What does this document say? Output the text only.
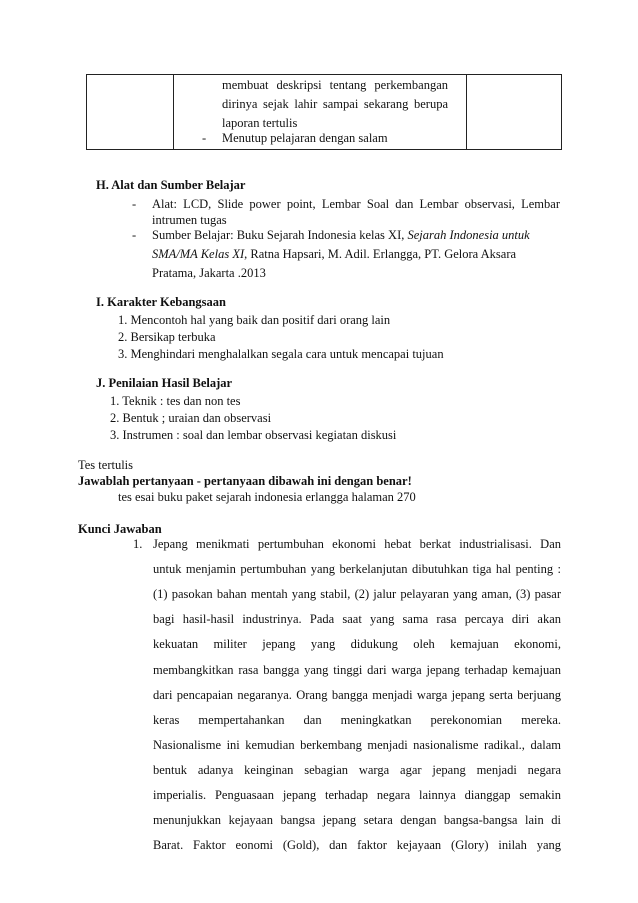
membuat deskripsi tentang perkembangan
dirinya sejak lahir sampai sekarang berupa
laporan tertulis
- Menutup pelajaran dengan salam
H. Alat dan Sumber Belajar
- Alat: LCD, Slide power point, Lembar Soal dan Lembar observasi, Lembar
intrumen tugas
- Sumber Belajar: Buku Sejarah Indonesia kelas XI, Sejarah Indonesia untuk
SMA/MA Kelas XI, Ratna Hapsari, M. Adil. Erlangga, PT. Gelora Aksara
Pratama, Jakarta .2013
I. Karakter Kebangsaan
1. Mencontoh hal yang baik dan positif dari orang lain
2. Bersikap terbuka
3. Menghindari menghalalkan segala cara untuk mencapai tujuan
J. Penilaian Hasil Belajar
1. Teknik : tes dan non tes
2. Bentuk ; uraian dan observasi
3. Instrumen : soal dan lembar observasi kegiatan diskusi
Tes tertulis
Jawablah pertanyaan - pertanyaan dibawah ini dengan benar!
tes esai buku paket sejarah indonesia erlangga halaman 270
Kunci Jawaban
1. Jepang menikmati pertumbuhan ekonomi hebat berkat industrialisasi. Dan
untuk menjamin pertumbuhan yang berkelanjutan dibutuhkan tiga hal penting :
(1) pasokan bahan mentah yang stabil, (2) jalur pelayaran yang aman, (3) pasar
bagi hasil-hasil industrinya. Pada saat yang sama rasa percaya diri akan
kekuatan militer jepang yang didukung oleh kemajuan ekonomi,
membangkitkan rasa bangga yang tinggi dari warga jepang terhadap kemajuan
dari pencapaian negaranya. Orang bangga menjadi warga jepang serta berjuang
keras mempertahankan dan meningkatkan perekonomian mereka.
Nasionalisme ini kemudian berkembang menjadi nasionalisme radikal., dalam
bentuk adanya keinginan sebagian warga agar jepang menjadi negara
imperialis. Penguasaan jepang terhadap negara lainnya dianggap semakin
menunjukkan kejayaan bangsa jepang setara dengan bangsa-bangsa lain di
Barat. Faktor eonomi (Gold), dan faktor kejayaan (Glory) inilah yang
